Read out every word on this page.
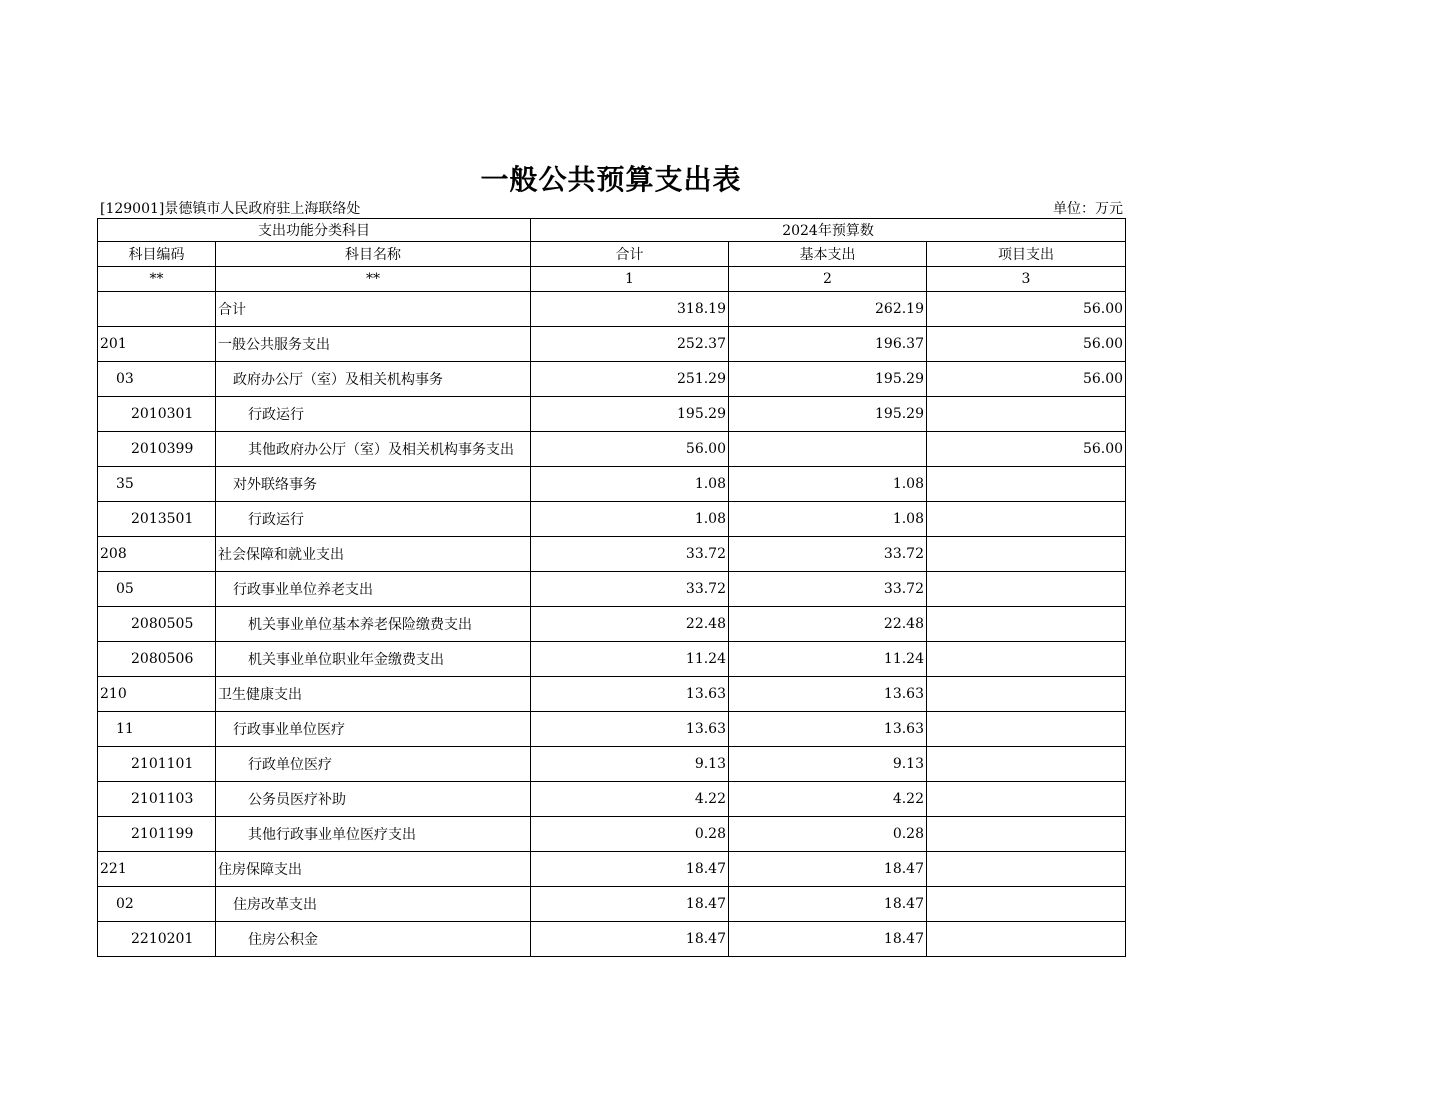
一般公共预算支出表
[129001]景德镇市人民政府驻上海联络处	单位：万元
支出功能分类科目		2024年预算数		
科目编码	科目名称	合计	基本支出	项目支出
**	**	1	2	3
	合计	318.19	262.19	56.00
201	一般公共服务支出	252.37	196.37	56.00
03	政府办公厅（室）及相关机构事务	251.29	195.29	56.00
2010301	行政运行	195.29	195.29	
2010399	其他政府办公厅（室）及相关机构事务支出	56.00		56.00
35	对外联络事务	1.08	1.08	
2013501	行政运行	1.08	1.08	
208	社会保障和就业支出	33.72	33.72	
05	行政事业单位养老支出	33.72	33.72	
2080505	机关事业单位基本养老保险缴费支出	22.48	22.48	
2080506	机关事业单位职业年金缴费支出	11.24	11.24	
210	卫生健康支出	13.63	13.63	
11	行政事业单位医疗	13.63	13.63	
2101101	行政单位医疗	9.13	9.13	
2101103	公务员医疗补助	4.22	4.22	
2101199	其他行政事业单位医疗支出	0.28	0.28	
221	住房保障支出	18.47	18.47	
02	住房改革支出	18.47	18.47	
2210201	住房公积金	18.47	18.47	
